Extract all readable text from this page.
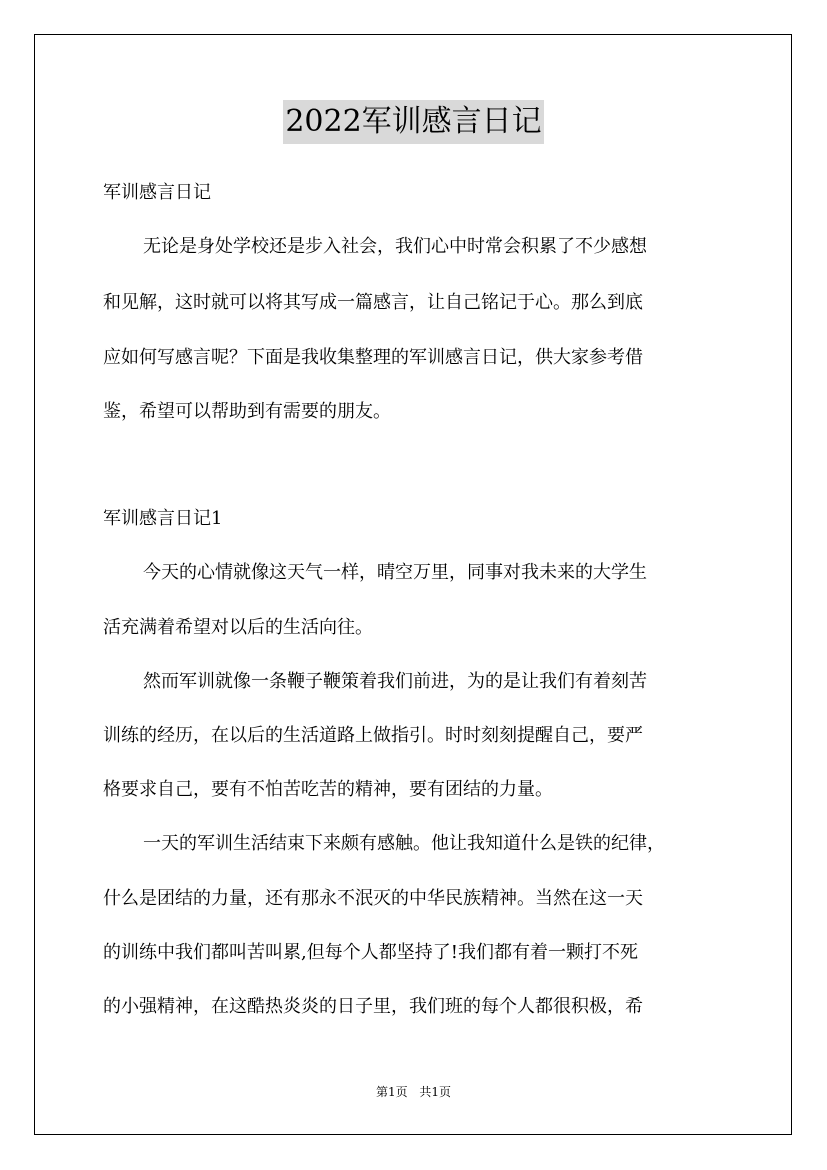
2022军训感言日记

军训感言日记

无论是身处学校还是步入社会，我们心中时常会积累了不少感想

和见解，这时就可以将其写成一篇感言，让自己铭记于心。那么到底

应如何写感言呢？下面是我收集整理的军训感言日记，供大家参考借

鉴，希望可以帮助到有需要的朋友。

军训感言日记1

今天的心情就像这天气一样，晴空万里，同事对我未来的大学生

活充满着希望对以后的生活向往。

然而军训就像一条鞭子鞭策着我们前进，为的是让我们有着刻苦

训练的经历，在以后的生活道路上做指引。时时刻刻提醒自己，要严

格要求自己，要有不怕苦吃苦的精神，要有团结的力量。

一天的军训生活结束下来颇有感触。他让我知道什么是铁的纪律，

什么是团结的力量，还有那永不泯灭的中华民族精神。当然在这一天

的训练中我们都叫苦叫累,但每个人都坚持了!我们都有着一颗打不死

的小强精神，在这酷热炎炎的日子里，我们班的每个人都很积极，希

第1页 共1页
